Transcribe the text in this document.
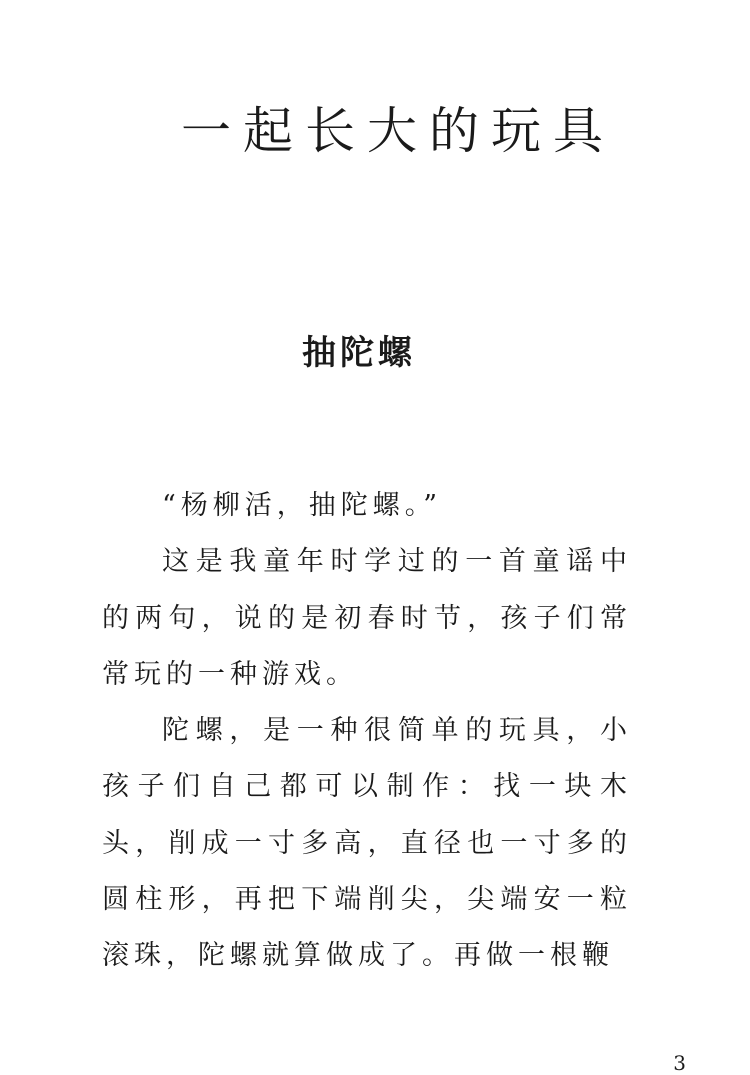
一起长大的玩具
抽陀螺

“杨柳活，抽陀螺。”

这是我童年时学过的一首童谣中的两句，说的是初春时节，孩子们常常玩的一种游戏。

陀螺，是一种很简单的玩具，小孩子们自己都可以制作：找一块木头，削成一寸多高，直径也一寸多的圆柱形，再把下端削尖，尖端安一粒滚珠，陀螺就算做成了。再做一根鞭

3
